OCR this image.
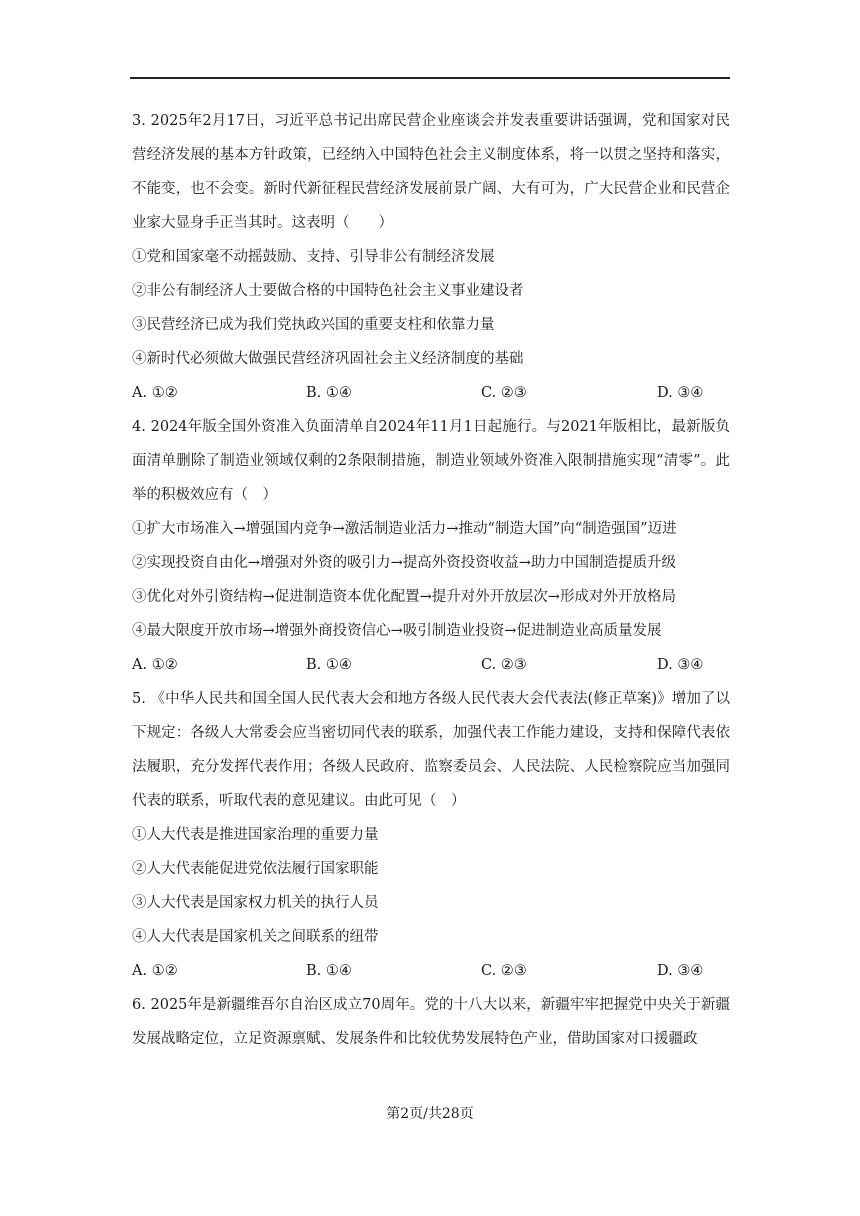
3. 2025年2月17日，习近平总书记出席民营企业座谈会并发表重要讲话强调，党和国家对民营经济发展的基本方针政策，已经纳入中国特色社会主义制度体系，将一以贯之坚持和落实，不能变，也不会变。新时代新征程民营经济发展前景广阔、大有可为，广大民营企业和民营企业家大显身手正当其时。这表明（　　）

①党和国家毫不动摇鼓励、支持、引导非公有制经济发展

②非公有制经济人士要做合格的中国特色社会主义事业建设者

③民营经济已成为我们党执政兴国的重要支柱和依靠力量

④新时代必须做大做强民营经济巩固社会主义经济制度的基础

A. ①②	B. ①④	C. ②③	D. ③④

4. 2024年版全国外资准入负面清单自2024年11月1日起施行。与2021年版相比，最新版负面清单删除了制造业领域仅剩的2条限制措施，制造业领域外资准入限制措施实现“清零”。此举的积极效应有（　）

①扩大市场准入→增强国内竞争→激活制造业活力→推动“制造大国”向“制造强国”迈进

②实现投资自由化→增强对外资的吸引力→提高外资投资收益→助力中国制造提质升级

③优化对外引资结构→促进制造资本优化配置→提升对外开放层次→形成对外开放格局

④最大限度开放市场→增强外商投资信心→吸引制造业投资→促进制造业高质量发展

A. ①②	B. ①④	C. ②③	D. ③④

5. 《中华人民共和国全国人民代表大会和地方各级人民代表大会代表法(修正草案)》增加了以下规定：各级人大常委会应当密切同代表的联系，加强代表工作能力建设，支持和保障代表依法履职，充分发挥代表作用；各级人民政府、监察委员会、人民法院、人民检察院应当加强同代表的联系，听取代表的意见建议。由此可见（　）

①人大代表是推进国家治理的重要力量

②人大代表能促进党依法履行国家职能

③人大代表是国家权力机关的执行人员

④人大代表是国家机关之间联系的纽带

A. ①②	B. ①④	C. ②③	D. ③④

6. 2025年是新疆维吾尔自治区成立70周年。党的十八大以来，新疆牢牢把握党中央关于新疆发展战略定位，立足资源禀赋、发展条件和比较优势发展特色产业，借助国家对口援疆政

第2页/共28页
